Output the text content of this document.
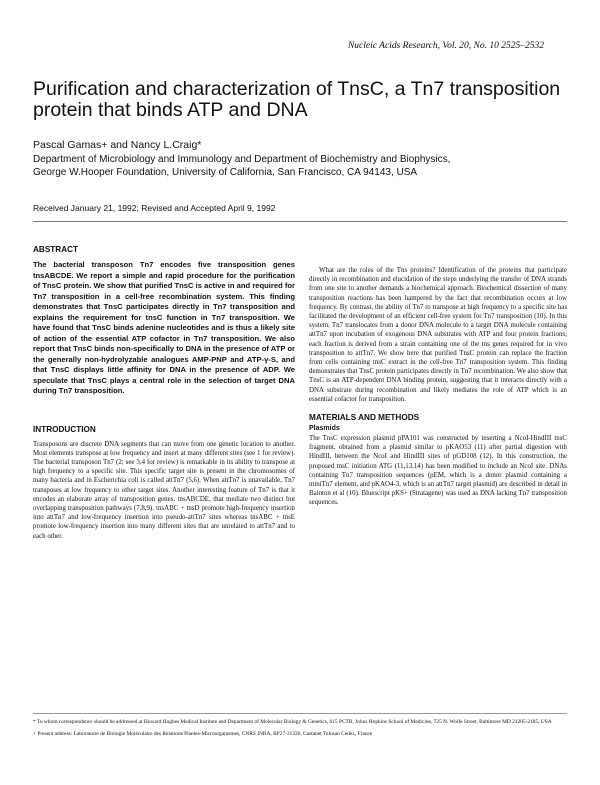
Nucleic Acids Research, Vol. 20, No. 10 2525–2532
Purification and characterization of TnsC, a Tn7 transposition protein that binds ATP and DNA
Pascal Gamas+ and Nancy L.Craig*
Department of Microbiology and Immunology and Department of Biochemistry and Biophysics,
George W.Hooper Foundation, University of California, San Francisco, CA 94143, USA
Received January 21, 1992; Revised and Accepted April 9, 1992
ABSTRACT

The bacterial transposon Tn7 encodes five transposition genes tnsABCDE. We report a simple and rapid procedure for the purification of TnsC protein. We show that purified TnsC is active in and required for Tn7 transposition in a cell-free recombination system. This finding demonstrates that TnsC participates directly in Tn7 transposition and explains the requirement for tnsC function in Tn7 transposition. We have found that TnsC binds adenine nucleotides and is thus a likely site of action of the essential ATP cofactor in Tn7 transposition. We also report that TnsC binds non-specifically to DNA in the presence of ATP or the generally non-hydrolyzable analogues AMP-PNP and ATP-γ-S, and that TnsC displays little affinity for DNA in the presence of ADP. We speculate that TnsC plays a central role in the selection of target DNA during Tn7 transposition.

INTRODUCTION

Transposons are discrete DNA segments that can move from one genetic location to another. Most elements transpose at low frequency and insert at many different sites (see 1 for review). The bacterial transposon Tn7 (2; see 3,4 for review) is remarkable in its ability to transpose at high frequency to a specific site. This specific target site is present in the chromosomes of many bacteria and in Escherichia coli is called attTn7 (5,6). When attTn7 is unavailable, Tn7 transposes at low frequency to other target sites. Another interesting feature of Tn7 is that it encodes an elaborate array of transposition genes, tnsABCDE, that mediate two distinct but overlapping transposition pathways (7,8,9). tnsABC + tnsD promote high-frequency insertion into attTn7 and low-frequency insertion into pseudo-attTn7 sites whereas tnsABC + tnsE promote low-frequency insertion into many different sites that are unrelated to attTn7 and to each other.

What are the roles of the Tns proteins? Identification of the proteins that participate directly in recombination and elucidation of the steps underlying the transfer of DNA strands from one site to another demands a biochemical approach. Biochemical dissection of many transposition reactions has been hampered by the fact that recombination occurs at low frequency. By contrast, the ability of Tn7 to transpose at high frequency to a specific site has facilitated the development of an efficient cell-free system for Tn7 transposition (10). In this system, Tn7 translocates from a donor DNA molecule to a target DNA molecule containing attTn7 upon incubation of exogenous DNA substrates with ATP and four protein fractions; each fraction is derived from a strain containing one of the tns genes required for in vivo transposition to attTn7. We show here that purified TnsC protein can replace the fraction from cells containing tnsC extract in the cell-free Tn7 transposition system. This finding demonstrates that TnsC protein participates directly in Tn7 recombination. We also show that TnsC is an ATP-dependent DNA binding protein, suggesting that it interacts directly with a DNA substrate during recombination and likely mediates the role of ATP which is an essential cofactor for transposition.

MATERIALS AND METHODS
Plasmids

The TnsC expression plasmid pPA101 was constructed by inserting a NcoI-HindIII tnsC fragment, obtained from a plasmid similar to pKAO53 (11) after partial digestion with HindIII, between the NcoI and HindIII sites of pGD108 (12). In this construction, the proposed tnsC initiation ATG (11,13,14) has been modified to include an NcoI site. DNAs containing Tn7 transposition sequences (pEM, which is a donor plasmid containing a miniTn7 element, and pKAO4-3, which is an attTn7 target plasmid) are described in detail in Bainton et al (10). Bluescript pKS+ (Stratagene) was used as DNA lacking Tn7 transposition sequences.

* To whom correspondence should be addressed at Howard Hughes Medical Institute and Department of Molecular Biology & Genetics, 615 PCTB, Johns Hopkins School of Medicine, 725 N. Wolfe Street, Baltimore MD 21205-2185, USA

+ Present address: Laboratoire de Biologie Moléculaire des Relations Plantes-Microorganismes, CNRS INRA, BP27-31326, Castanet Tolosan Cedex, France
